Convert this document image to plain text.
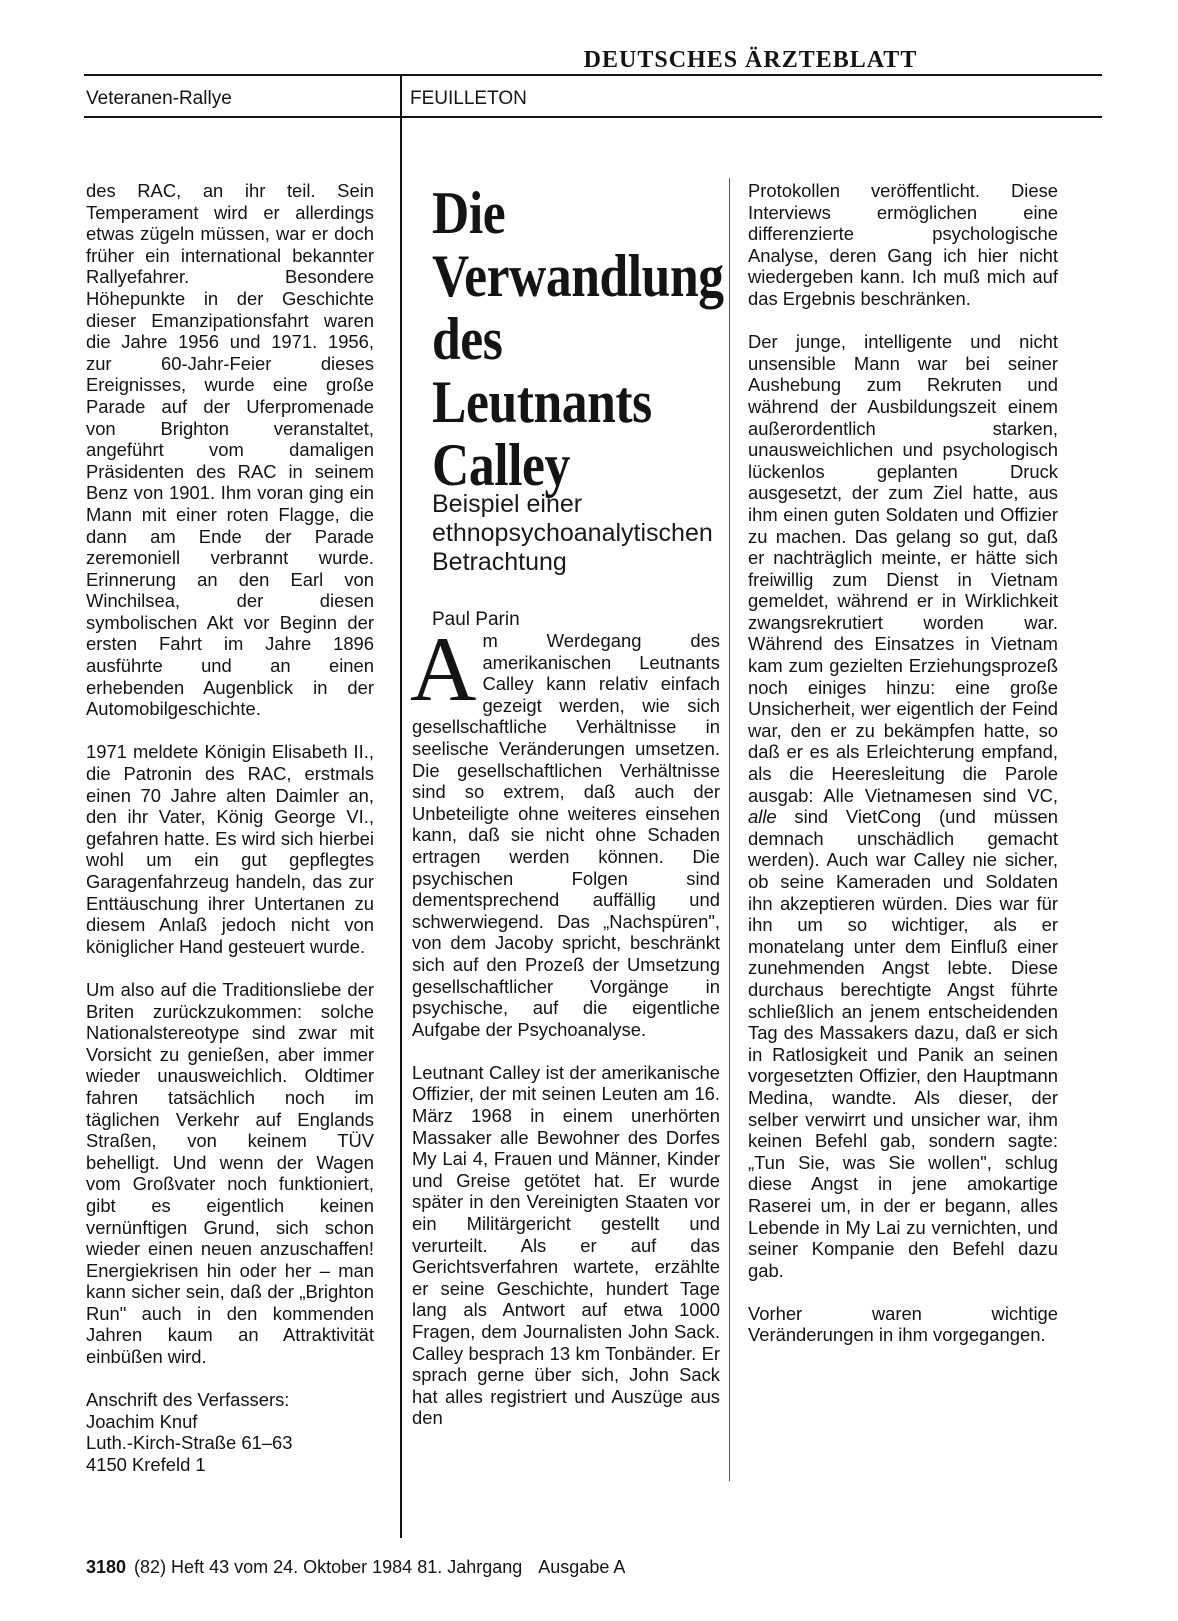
DEUTSCHES ÄRZTEBLATT
Veteranen-Rallye	FEUILLETON

des RAC, an ihr teil. Sein Temperament wird er allerdings etwas zügeln müssen, war er doch früher ein international bekannter Rallyefahrer. Besondere Höhepunkte in der Geschichte dieser Emanzipationsfahrt waren die Jahre 1956 und 1971. 1956, zur 60-Jahr-Feier dieses Ereignisses, wurde eine große Parade auf der Uferpromenade von Brighton veranstaltet, angeführt vom damaligen Präsidenten des RAC in seinem Benz von 1901. Ihm voran ging ein Mann mit einer roten Flagge, die dann am Ende der Parade zeremoniell verbrannt wurde. Erinnerung an den Earl von Winchilsea, der diesen symbolischen Akt vor Beginn der ersten Fahrt im Jahre 1896 ausführte und an einen erhebenden Augenblick in der Automobilgeschichte.

1971 meldete Königin Elisabeth II., die Patronin des RAC, erstmals einen 70 Jahre alten Daimler an, den ihr Vater, König George VI., gefahren hatte. Es wird sich hierbei wohl um ein gut gepflegtes Garagenfahrzeug handeln, das zur Enttäuschung ihrer Untertanen zu diesem Anlaß jedoch nicht von königlicher Hand gesteuert wurde.

Um also auf die Traditionsliebe der Briten zurückzukommen: solche Nationalstereotype sind zwar mit Vorsicht zu genießen, aber immer wieder unausweichlich. Oldtimer fahren tatsächlich noch im täglichen Verkehr auf Englands Straßen, von keinem TÜV behelligt. Und wenn der Wagen vom Großvater noch funktioniert, gibt es eigentlich keinen vernünftigen Grund, sich schon wieder einen neuen anzuschaffen! Energiekrisen hin oder her – man kann sicher sein, daß der „Brighton Run" auch in den kommenden Jahren kaum an Attraktivität einbüßen wird.

Anschrift des Verfassers:
Joachim Knuf
Luth.-Kirch-Straße 61–63
4150 Krefeld 1
Die
Verwandlung
des
Leutnants
Calley
Beispiel einer
ethnopsychoanalytischen
Betrachtung
Paul Parin

Am Werdegang des amerikanischen Leutnants Calley kann relativ einfach gezeigt werden, wie sich gesellschaftliche Verhältnisse in seelische Veränderungen umsetzen. Die gesellschaftlichen Verhältnisse sind so extrem, daß auch der Unbeteiligte ohne weiteres einsehen kann, daß sie nicht ohne Schaden ertragen werden können. Die psychischen Folgen sind dementsprechend auffällig und schwerwiegend. Das „Nachspüren", von dem Jacoby spricht, beschränkt sich auf den Prozeß der Umsetzung gesellschaftlicher Vorgänge in psychische, auf die eigentliche Aufgabe der Psychoanalyse.

Leutnant Calley ist der amerikanische Offizier, der mit seinen Leuten am 16. März 1968 in einem unerhörten Massaker alle Bewohner des Dorfes My Lai 4, Frauen und Männer, Kinder und Greise getötet hat. Er wurde später in den Vereinigten Staaten vor ein Militärgericht gestellt und verurteilt. Als er auf das Gerichtsverfahren wartete, erzählte er seine Geschichte, hundert Tage lang als Antwort auf etwa 1000 Fragen, dem Journalisten John Sack. Calley besprach 13 km Tonbänder. Er sprach gerne über sich, John Sack hat alles registriert und Auszüge aus den

Protokollen veröffentlicht. Diese Interviews ermöglichen eine differenzierte psychologische Analyse, deren Gang ich hier nicht wiedergeben kann. Ich muß mich auf das Ergebnis beschränken.

Der junge, intelligente und nicht unsensible Mann war bei seiner Aushebung zum Rekruten und während der Ausbildungszeit einem außerordentlich starken, unausweichlichen und psychologisch lückenlos geplanten Druck ausgesetzt, der zum Ziel hatte, aus ihm einen guten Soldaten und Offizier zu machen. Das gelang so gut, daß er nachträglich meinte, er hätte sich freiwillig zum Dienst in Vietnam gemeldet, während er in Wirklichkeit zwangsrekrutiert worden war. Während des Einsatzes in Vietnam kam zum gezielten Erziehungsprozeß noch einiges hinzu: eine große Unsicherheit, wer eigentlich der Feind war, den er zu bekämpfen hatte, so daß er es als Erleichterung empfand, als die Heeresleitung die Parole ausgab: Alle Vietnamesen sind VC, alle sind VietCong (und müssen demnach unschädlich gemacht werden). Auch war Calley nie sicher, ob seine Kameraden und Soldaten ihn akzeptieren würden. Dies war für ihn um so wichtiger, als er monatelang unter dem Einfluß einer zunehmenden Angst lebte. Diese durchaus berechtigte Angst führte schließlich an jenem entscheidenden Tag des Massakers dazu, daß er sich in Ratlosigkeit und Panik an seinen vorgesetzten Offizier, den Hauptmann Medina, wandte. Als dieser, der selber verwirrt und unsicher war, ihm keinen Befehl gab, sondern sagte: „Tun Sie, was Sie wollen", schlug diese Angst in jene amokartige Raserei um, in der er begann, alles Lebende in My Lai zu vernichten, und seiner Kompanie den Befehl dazu gab.

Vorher waren wichtige Veränderungen in ihm vorgegangen.

3180 (82) Heft 43 vom 24. Oktober 1984 81. Jahrgang Ausgabe A
